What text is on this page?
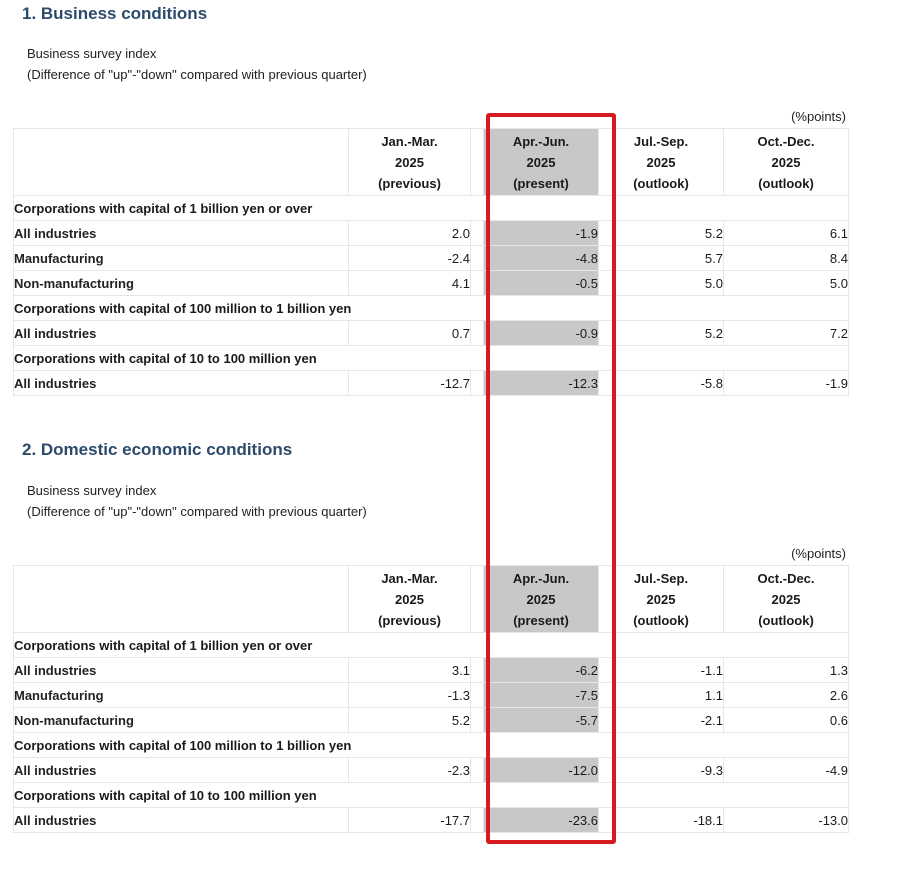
1. Business conditions
Business survey index
(Difference of "up"-"down" compared with previous quarter)
(%points)

	Jan.-Mar.
2025
(previous)		Apr.-Jun.
2025
(present)	Jul.-Sep.
2025
(outlook)	Oct.-Dec.
2025
(outlook)

Corporations with capital of 1 billion yen or over					
All industries	2.0		-1.9	5.2	6.1
Manufacturing	-2.4		-4.8	5.7	8.4
Non-manufacturing	4.1		-0.5	5.0	5.0
Corporations with capital of 100 million to 1 billion yen					
All industries	0.7		-0.9	5.2	7.2
Corporations with capital of 10 to 100 million yen					
All industries	-12.7		-12.3	-5.8	-1.9
2. Domestic economic conditions
Business survey index
(Difference of "up"-"down" compared with previous quarter)
(%points)

	Jan.-Mar.
2025
(previous)		Apr.-Jun.
2025
(present)	Jul.-Sep.
2025
(outlook)	Oct.-Dec.
2025
(outlook)

Corporations with capital of 1 billion yen or over					
All industries	3.1		-6.2	-1.1	1.3
Manufacturing	-1.3		-7.5	1.1	2.6
Non-manufacturing	5.2		-5.7	-2.1	0.6
Corporations with capital of 100 million to 1 billion yen					
All industries	-2.3		-12.0	-9.3	-4.9
Corporations with capital of 10 to 100 million yen					
All industries	-17.7		-23.6	-18.1	-13.0
